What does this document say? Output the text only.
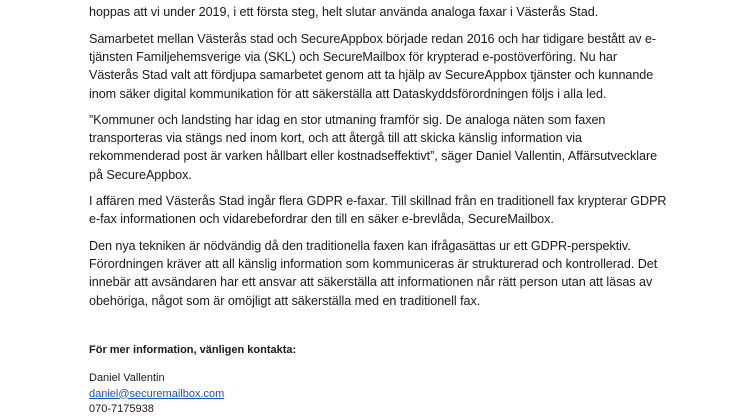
hoppas att vi under 2019, i ett första steg, helt slutar använda analoga faxar i Västerås Stad.

Samarbetet mellan Västerås stad och SecureAppbox började redan 2016 och har tidigare bestått av e-tjänsten Familjehemsverige via (SKL) och SecureMailbox för krypterad e-postöverföring. Nu har Västerås Stad valt att fördjupa samarbetet genom att ta hjälp av SecureAppbox tjänster och kunnande inom säker digital kommunikation för att säkerställa att Dataskyddsförordningen följs i alla led.

”Kommuner och landsting har idag en stor utmaning framför sig. De analoga näten som faxen transporteras via stängs ned inom kort, och att återgå till att skicka känslig information via rekommenderad post är varken hållbart eller kostnadseffektivt”, säger Daniel Vallentin, Affärsutvecklare på SecureAppbox.

I affären med Västerås Stad ingår flera GDPR e-faxar. Till skillnad från en traditionell fax krypterar GDPR e-fax informationen och vidarebefordrar den till en säker e-brevlåda, SecureMailbox.

Den nya tekniken är nödvändig då den traditionella faxen kan ifrågasättas ur ett GDPR-perspektiv. Förordningen kräver att all känslig information som kommuniceras är strukturerad och kontrollerad. Det innebär att avsändaren har ett ansvar att säkerställa att informationen når rätt person utan att läsas av obehöriga, något som är omöjligt att säkerställa med en traditionell fax.

För mer information, vänligen kontakta:

Daniel Vallentin
daniel@securemailbox.com
070-7175938
